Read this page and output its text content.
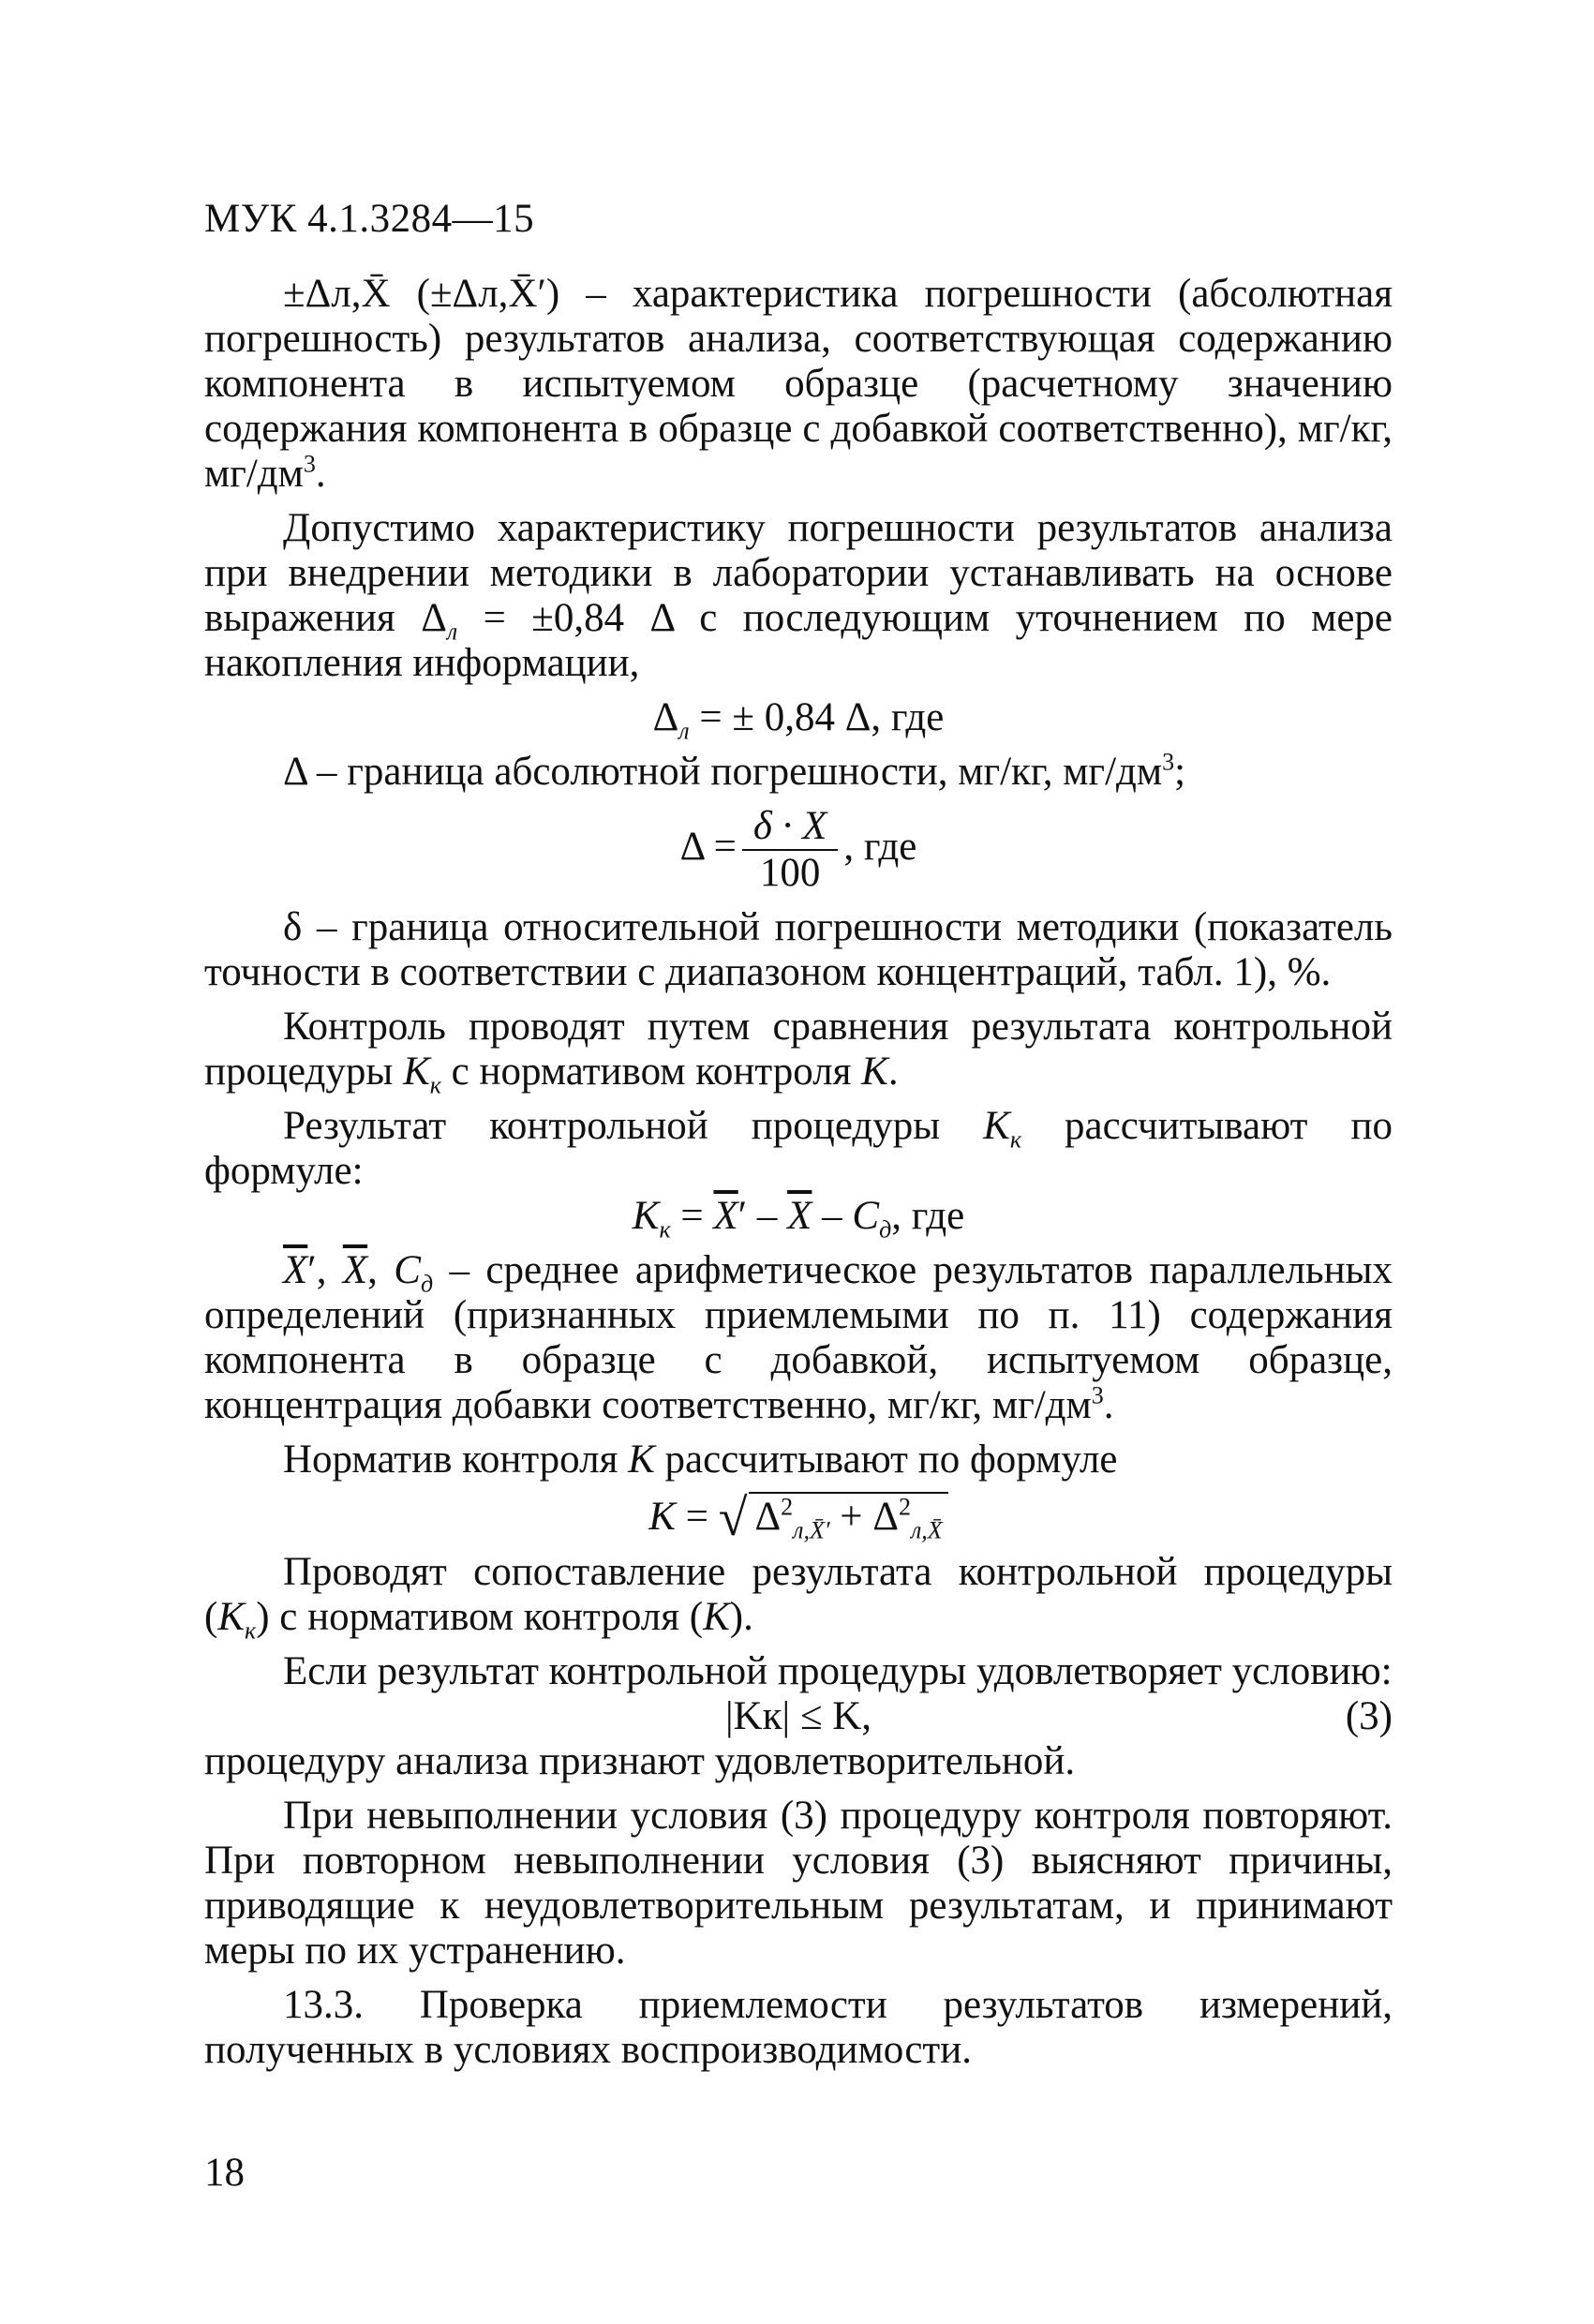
МУК 4.1.3284—15

±Δл,X̄ (±Δл,X̄′) – характеристика погрешности (абсолютная погрешность) результатов анализа, соответствующая содержанию компонента в испытуемом образце (расчетному значению содержания компонента в образце с добавкой соответственно), мг/кг, $мг/дм^3$.

Допустимо характеристику погрешности результатов анализа при внедрении методики в лаборатории устанавливать на основе выражения $\Delta_л = \pm 0,84$ Δ с последующим уточнением по мере накопления информации,

$\Delta_л$ = ± 0,84 Δ, где

Δ – граница абсолютной погрешности, мг/кг, $мг/дм^3$;

$\Delta = \frac{\delta \cdot X}{100}$ , где

δ – граница относительной погрешности методики (показатель точности в соответствии с диапазоном концентраций, табл. 1), %.

Контроль проводят путем сравнения результата контрольной процедуры $K_к$ с нормативом контроля K.

Результат контрольной процедуры $K_к$ рассчитывают по формуле:

$K_к = \overline{X}' - \overline{X} - C_д$, где

$\overline{X}'$, $\overline{X}$, $C_д$ – среднее арифметическое результатов параллельных определений (признанных приемлемыми по п. 11) содержания компонента в образце с добавкой, испытуемом образце, концентрация добавки соответственно, мг/кг, $мг/дм^3$.

Норматив контроля K рассчитывают по формуле

K = √ $\Delta^2_{л,X̄'} + \Delta^2_{л,X̄}$

Проводят сопоставление результата контрольной процедуры $(K_к)$ с нормативом контроля (K).

Если результат контрольной процедуры удовлетворяет условию:

|Kк| ≤ K,	(3)

процедуру анализа признают удовлетворительной.

При невыполнении условия (3) процедуру контроля повторяют. При повторном невыполнении условия (3) выясняют причины, приводящие к неудовлетворительным результатам, и принимают меры по их устранению.

13.3. Проверка приемлемости результатов измерений, полученных в условиях воспроизводимости.

18
